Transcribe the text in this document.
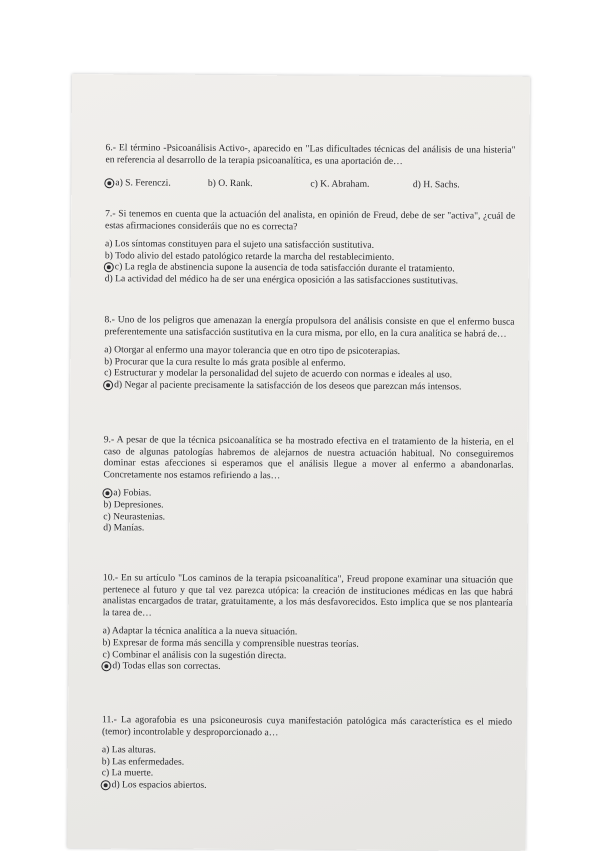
6.- El término -Psicoanálisis Activo-, aparecido en "Las dificultades técnicas del análisis de una histeria" en referencia al desarrollo de la terapia psicoanalítica, es una aportación de…

a) S. Ferenczi.	b) O. Rank.	c) K. Abraham.	d) H. Sachs.

7.- Si tenemos en cuenta que la actuación del analista, en opinión de Freud, debe de ser "activa", ¿cuál de estas afirmaciones consideráis que no es correcta?

a) Los síntomas constituyen para el sujeto una satisfacción sustitutiva.
b) Todo alivio del estado patológico retarde la marcha del restablecimiento.
c) La regla de abstinencia supone la ausencia de toda satisfacción durante el tratamiento.
d) La actividad del médico ha de ser una enérgica oposición a las satisfacciones sustitutivas.

8.- Uno de los peligros que amenazan la energía propulsora del análisis consiste en que el enfermo busca preferentemente una satisfacción sustitutiva en la cura misma, por ello, en la cura analítica se habrá de…

a) Otorgar al enfermo una mayor tolerancia que en otro tipo de psicoterapias.
b) Procurar que la cura resulte lo más grata posible al enfermo.
c) Estructurar y modelar la personalidad del sujeto de acuerdo con normas e ideales al uso.
d) Negar al paciente precisamente la satisfacción de los deseos que parezcan más intensos.

9.- A pesar de que la técnica psicoanalítica se ha mostrado efectiva en el tratamiento de la histeria, en el caso de algunas patologías habremos de alejarnos de nuestra actuación habitual. No conseguiremos dominar estas afecciones si esperamos que el análisis llegue a mover al enfermo a abandonarlas. Concretamente nos estamos refiriendo a las…

a) Fobias.
b) Depresiones.
c) Neurastenias.
d) Manías.

10.- En su artículo "Los caminos de la terapia psicoanalítica", Freud propone examinar una situación que pertenece al futuro y que tal vez parezca utópica: la creación de instituciones médicas en las que habrá analistas encargados de tratar, gratuitamente, a los más desfavorecidos. Esto implica que se nos plantearía la tarea de…

a) Adaptar la técnica analítica a la nueva situación.
b) Expresar de forma más sencilla y comprensible nuestras teorías.
c) Combinar el análisis con la sugestión directa.
d) Todas ellas son correctas.

11.- La agorafobia es una psiconeurosis cuya manifestación patológica más característica es el miedo (temor) incontrolable y desproporcionado a…

a) Las alturas.
b) Las enfermedades.
c) La muerte.
d) Los espacios abiertos.
